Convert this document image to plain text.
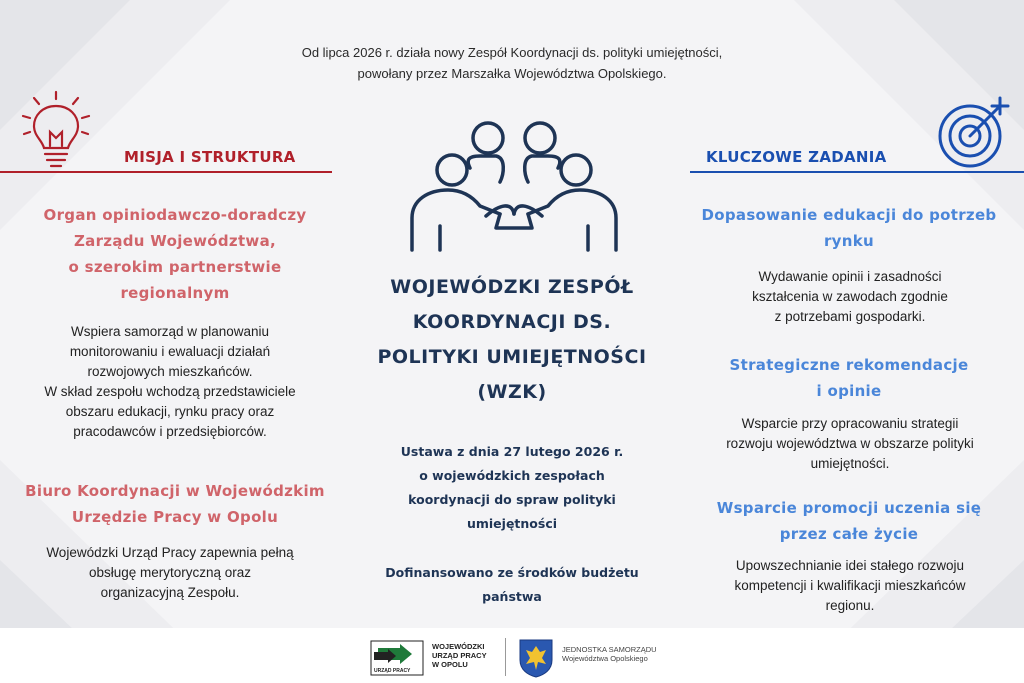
Od lipca 2026 r. działa nowy Zespół Koordynacji ds. polityki umiejętności,
powołany przez Marszałka Województwa Opolskiego.
MISJA I STRUKTURA
Organ opiniodawczo-doradczy
Zarządu Województwa,
o szerokim partnerstwie
regionalnym
Wspiera samorząd w planowaniu
monitorowaniu i ewaluacji działań
rozwojowych mieszkańców.
W skład zespołu wchodzą przedstawiciele
obszaru edukacji, rynku pracy oraz
pracodawców i przedsiębiorców.
Biuro Koordynacji w Wojewódzkim
Urzędzie Pracy w Opolu
Wojewódzki Urząd Pracy zapewnia pełną
obsługę merytoryczną oraz
organizacyjną Zespołu.
WOJEWÓDZKI ZESPÓŁ
KOORDYNACJI DS.
POLITYKI UMIEJĘTNOŚCI
(WZK)
Ustawa z dnia 27 lutego 2026 r.
o wojewódzkich zespołach
koordynacji do spraw polityki
umiejętności
Dofinansowano ze środków budżetu
państwa
KLUCZOWE ZADANIA
Dopasowanie edukacji do potrzeb
rynku
Wydawanie opinii i zasadności
kształcenia w zawodach zgodnie
z potrzebami gospodarki.
Strategiczne rekomendacje
i opinie
Wsparcie przy opracowaniu strategii
rozwoju województwa w obszarze polityki
umiejętności.
Wsparcie promocji uczenia się
przez całe życie
Upowszechnianie idei stałego rozwoju
kompetencji i kwalifikacji mieszkańców
regionu.
URZĄD PRACY
WOJEWÓDZKI
URZĄD PRACY
W OPOLU
JEDNOSTKA SAMORZĄDU
Województwa Opolskiego
